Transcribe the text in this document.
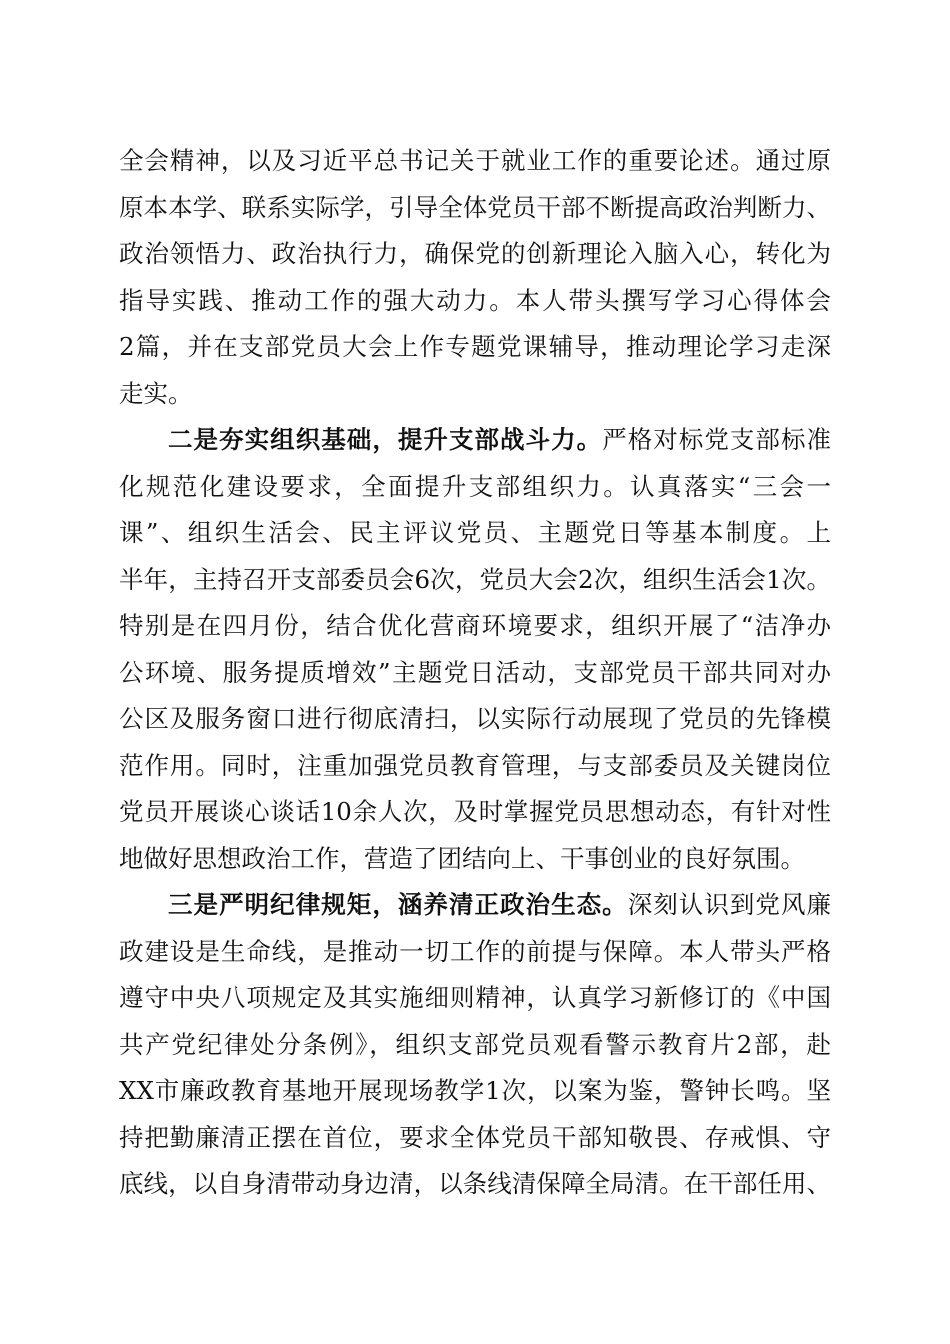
全会精神，以及习近平总书记关于就业工作的重要论述。通过原
原本本学、联系实际学，引导全体党员干部不断提高政治判断力、
政治领悟力、政治执行力，确保党的创新理论入脑入心，转化为
指导实践、推动工作的强大动力。本人带头撰写学习心得体会
2篇，并在支部党员大会上作专题党课辅导，推动理论学习走深
走实。
二是夯实组织基础，提升支部战斗力。严格对标党支部标准
化规范化建设要求，全面提升支部组织力。认真落实“三会一
课”、组织生活会、民主评议党员、主题党日等基本制度。上
半年，主持召开支部委员会6次，党员大会2次，组织生活会1次。
特别是在四月份，结合优化营商环境要求，组织开展了“洁净办
公环境、服务提质增效”主题党日活动，支部党员干部共同对办
公区及服务窗口进行彻底清扫，以实际行动展现了党员的先锋模
范作用。同时，注重加强党员教育管理，与支部委员及关键岗位
党员开展谈心谈话10余人次，及时掌握党员思想动态，有针对性
地做好思想政治工作，营造了团结向上、干事创业的良好氛围。
三是严明纪律规矩，涵养清正政治生态。深刻认识到党风廉
政建设是生命线，是推动一切工作的前提与保障。本人带头严格
遵守中央八项规定及其实施细则精神，认真学习新修订的《中国
共产党纪律处分条例》，组织支部党员观看警示教育片2部，赴
XX市廉政教育基地开展现场教学1次，以案为鉴，警钟长鸣。坚
持把勤廉清正摆在首位，要求全体党员干部知敬畏、存戒惧、守
底线，以自身清带动身边清，以条线清保障全局清。在干部任用、
